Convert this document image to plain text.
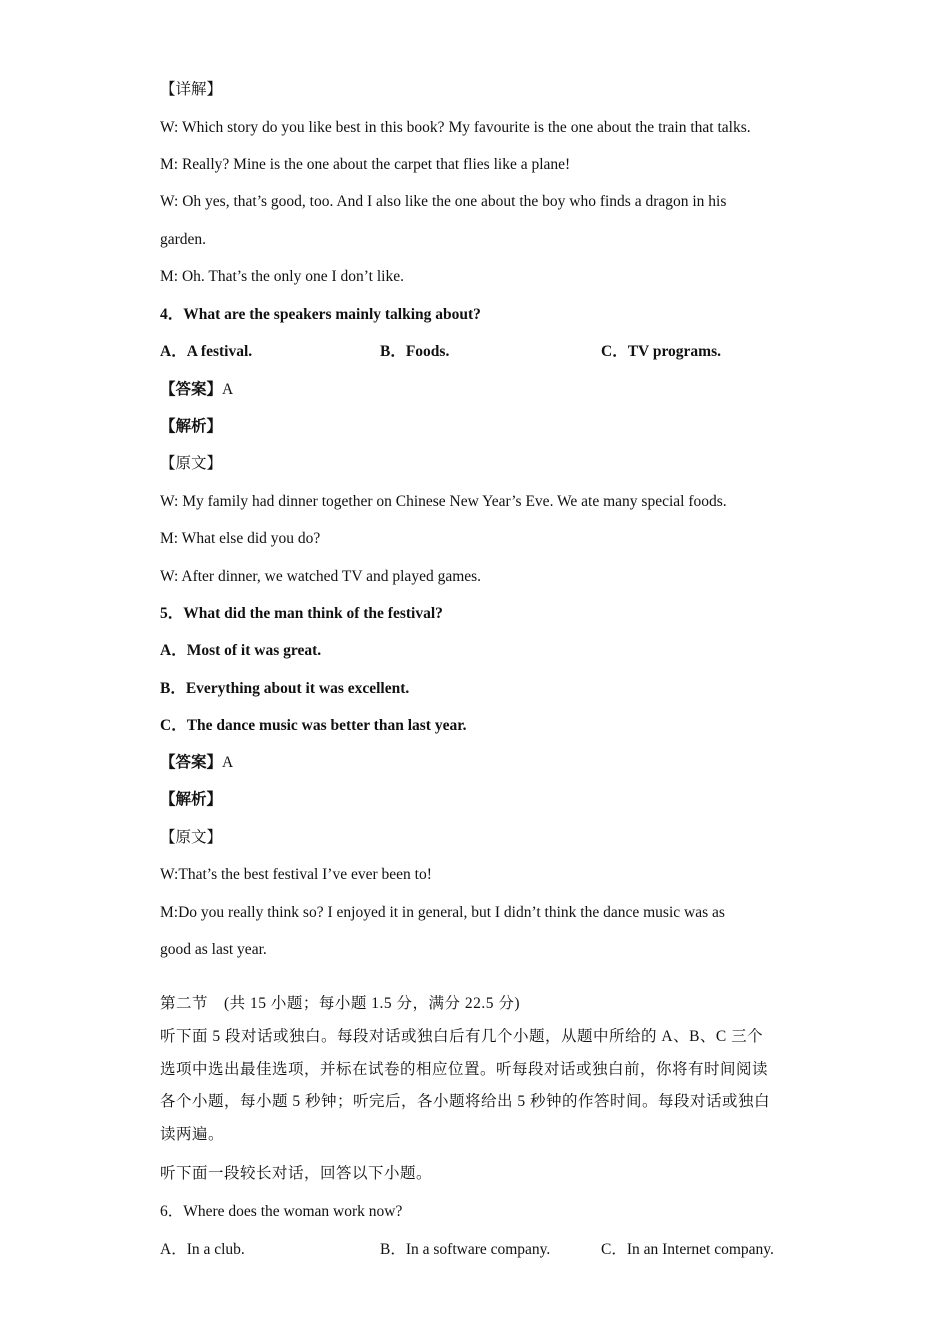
【详解】
W: Which story do you like best in this book? My favourite is the one about the train that talks.
M: Really? Mine is the one about the carpet that flies like a plane!
W: Oh yes, that’s good, too. And I also like the one about the boy who finds a dragon in his
garden.
M: Oh. That’s the only one I don’t like.
4．What are the speakers mainly talking about?
A．A festival.	B．Foods.	C．TV programs.
【答案】A
【解析】
【原文】
W: My family had dinner together on Chinese New Year’s Eve. We ate many special foods.
M: What else did you do?
W: After dinner, we watched TV and played games.
5．What did the man think of the festival?
A．Most of it was great.
B．Everything about it was excellent.
C．The dance music was better than last year.
【答案】A
【解析】
【原文】
W:That’s the best festival I’ve ever been to!
M:Do you really think so? I enjoyed it in general, but I didn’t think the dance music was as
good as last year.
第二节　(共 15 小题；每小题 1.5 分，满分 22.5 分)
听下面 5 段对话或独白。每段对话或独白后有几个小题，从题中所给的 A、B、C 三个
选项中选出最佳选项，并标在试卷的相应位置。听每段对话或独白前，你将有时间阅读
各个小题，每小题 5 秒钟；听完后，各小题将给出 5 秒钟的作答时间。每段对话或独白
读两遍。
听下面一段较长对话，回答以下小题。
6．Where does the woman work now?
A．In a club.	B．In a software company.	C．In an Internet company.
